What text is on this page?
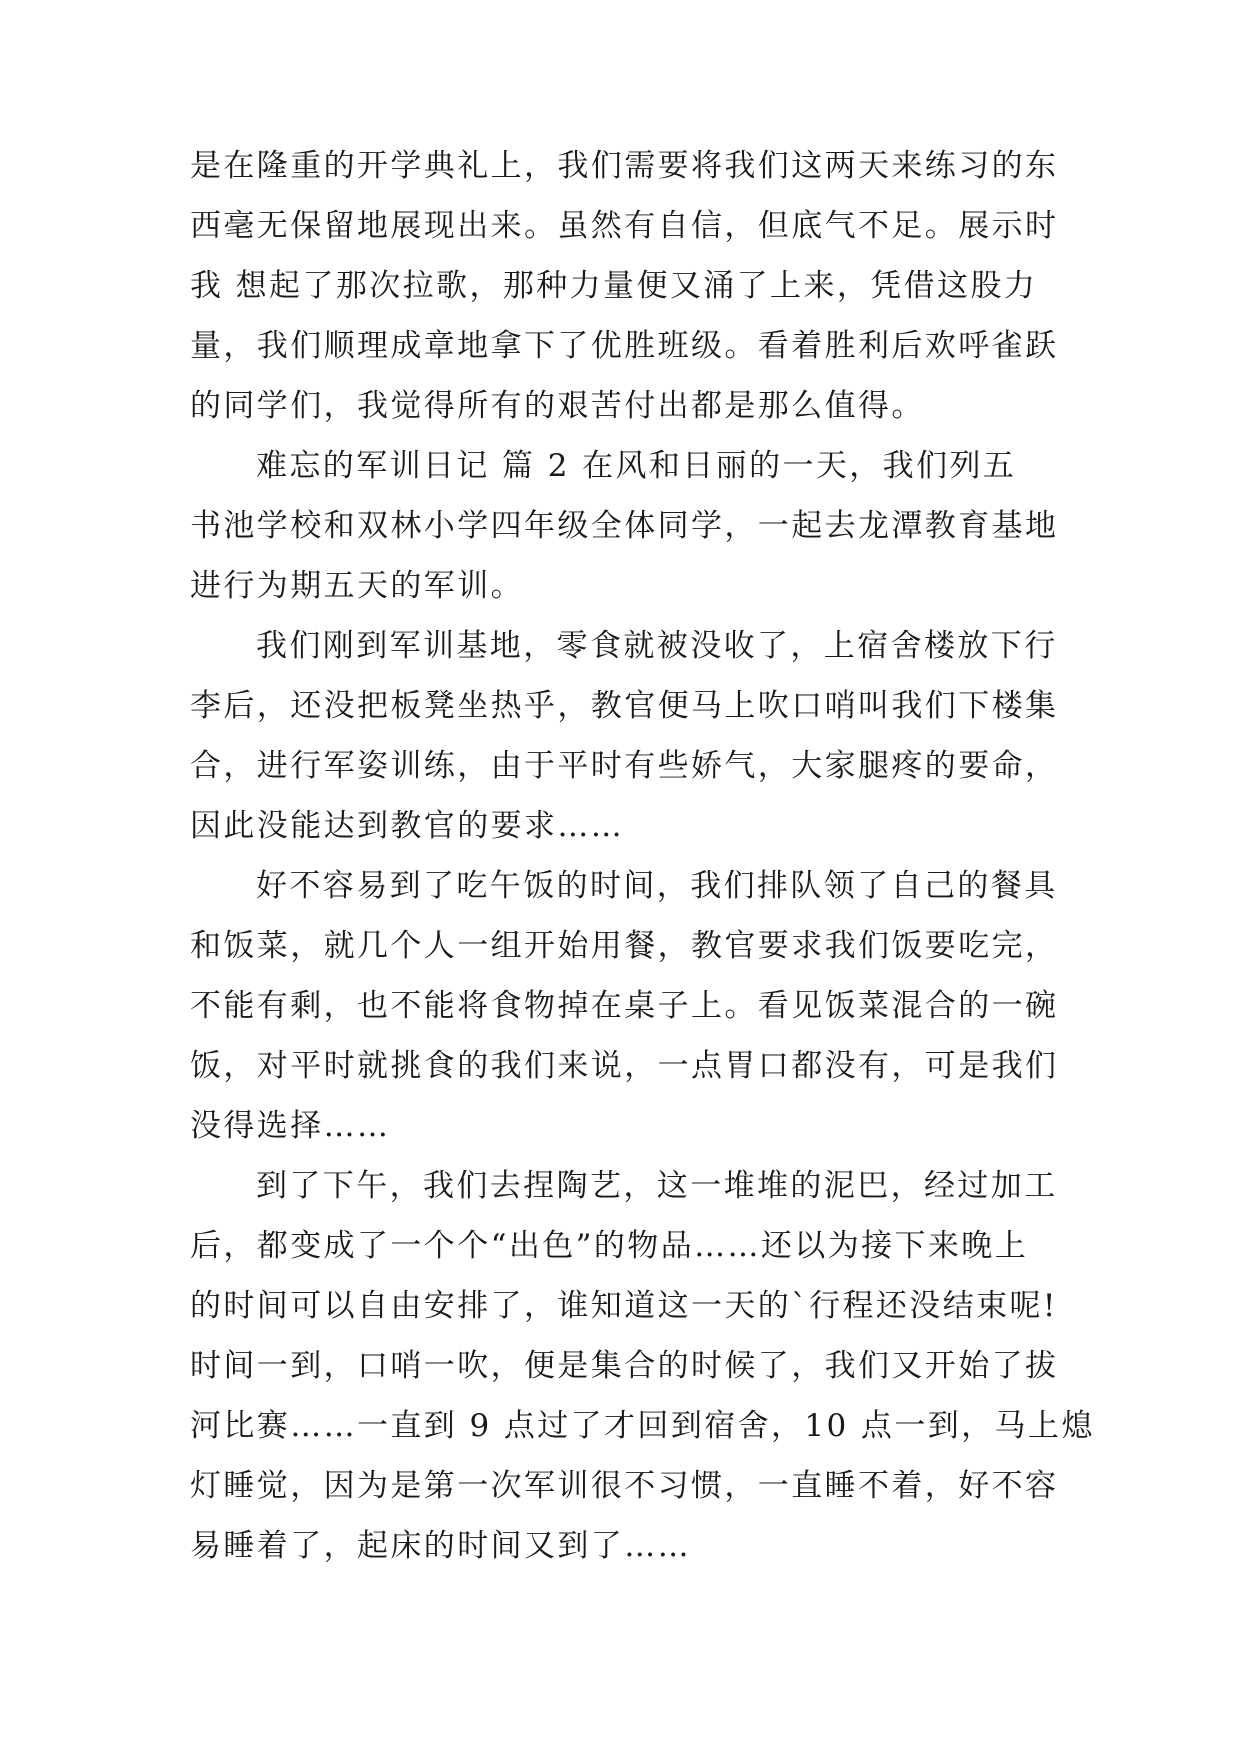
是在隆重的开学典礼上，我们需要将我们这两天来练习的东
西毫无保留地展现出来。虽然有自信，但底气不足。展示时
我 想起了那次拉歌，那种力量便又涌了上来，凭借这股力
量，我们顺理成章地拿下了优胜班级。看着胜利后欢呼雀跃
的同学们，我觉得所有的艰苦付出都是那么值得。
难忘的军训日记 篇 2 在风和日丽的一天，我们列五
书池学校和双林小学四年级全体同学，一起去龙潭教育基地
进行为期五天的军训。
我们刚到军训基地，零食就被没收了，上宿舍楼放下行
李后，还没把板凳坐热乎，教官便马上吹口哨叫我们下楼集
合，进行军姿训练，由于平时有些娇气，大家腿疼的要命，
因此没能达到教官的要求……
好不容易到了吃午饭的时间，我们排队领了自己的餐具
和饭菜，就几个人一组开始用餐，教官要求我们饭要吃完，
不能有剩，也不能将食物掉在桌子上。看见饭菜混合的一碗
饭，对平时就挑食的我们来说，一点胃口都没有，可是我们
没得选择……
到了下午，我们去捏陶艺，这一堆堆的泥巴，经过加工
后，都变成了一个个“出色”的物品……还以为接下来晚上
的时间可以自由安排了，谁知道这一天的`行程还没结束呢!
时间一到，口哨一吹，便是集合的时候了，我们又开始了拔
河比赛……一直到 9 点过了才回到宿舍，10 点一到，马上熄
灯睡觉，因为是第一次军训很不习惯，一直睡不着，好不容
易睡着了，起床的时间又到了……
